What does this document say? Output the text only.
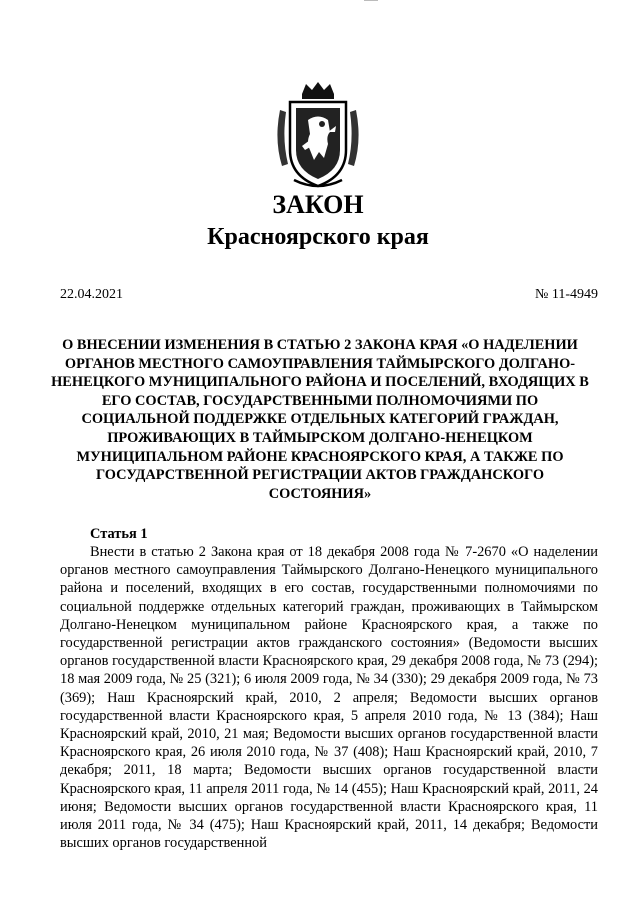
ЗАКОН
Красноярского края
22.04.2021	№ 11-4949
О ВНЕСЕНИИ ИЗМЕНЕНИЯ В СТАТЬЮ 2 ЗАКОНА КРАЯ «О НАДЕЛЕНИИ ОРГАНОВ МЕСТНОГО САМОУПРАВЛЕНИЯ ТАЙМЫРСКОГО ДОЛГАНО-НЕНЕЦКОГО МУНИЦИПАЛЬНОГО РАЙОНА И ПОСЕЛЕНИЙ, ВХОДЯЩИХ В ЕГО СОСТАВ, ГОСУДАРСТВЕННЫМИ ПОЛНОМОЧИЯМИ ПО СОЦИАЛЬНОЙ ПОДДЕРЖКЕ ОТДЕЛЬНЫХ КАТЕГОРИЙ ГРАЖДАН, ПРОЖИВАЮЩИХ В ТАЙМЫРСКОМ ДОЛГАНО-НЕНЕЦКОМ МУНИЦИПАЛЬНОМ РАЙОНЕ КРАСНОЯРСКОГО КРАЯ, А ТАКЖЕ ПО ГОСУДАРСТВЕННОЙ РЕГИСТРАЦИИ АКТОВ ГРАЖДАНСКОГО СОСТОЯНИЯ»
Статья 1

Внести в статью 2 Закона края от 18 декабря 2008 года № 7-2670 «О наделении органов местного самоуправления Таймырского Долгано-Ненецкого муниципального района и поселений, входящих в его состав, государственными полномочиями по социальной поддержке отдельных категорий граждан, проживающих в Таймырском Долгано-Ненецком муниципальном районе Красноярского края, а также по государственной регистрации актов гражданского состояния» (Ведомости высших органов государственной власти Красноярского края, 29 декабря 2008 года, № 73 (294); 18 мая 2009 года, № 25 (321); 6 июля 2009 года, № 34 (330); 29 декабря 2009 года, № 73 (369); Наш Красноярский край, 2010, 2 апреля; Ведомости высших органов государственной власти Красноярского края, 5 апреля 2010 года, № 13 (384); Наш Красноярский край, 2010, 21 мая; Ведомости высших органов государственной власти Красноярского края, 26 июля 2010 года, № 37 (408); Наш Красноярский край, 2010, 7 декабря; 2011, 18 марта; Ведомости высших органов государственной власти Красноярского края, 11 апреля 2011 года, № 14 (455); Наш Красноярский край, 2011, 24 июня; Ведомости высших органов государственной власти Красноярского края, 11 июля 2011 года, № 34 (475); Наш Красноярский край, 2011, 14 декабря; Ведомости высших органов государственной
